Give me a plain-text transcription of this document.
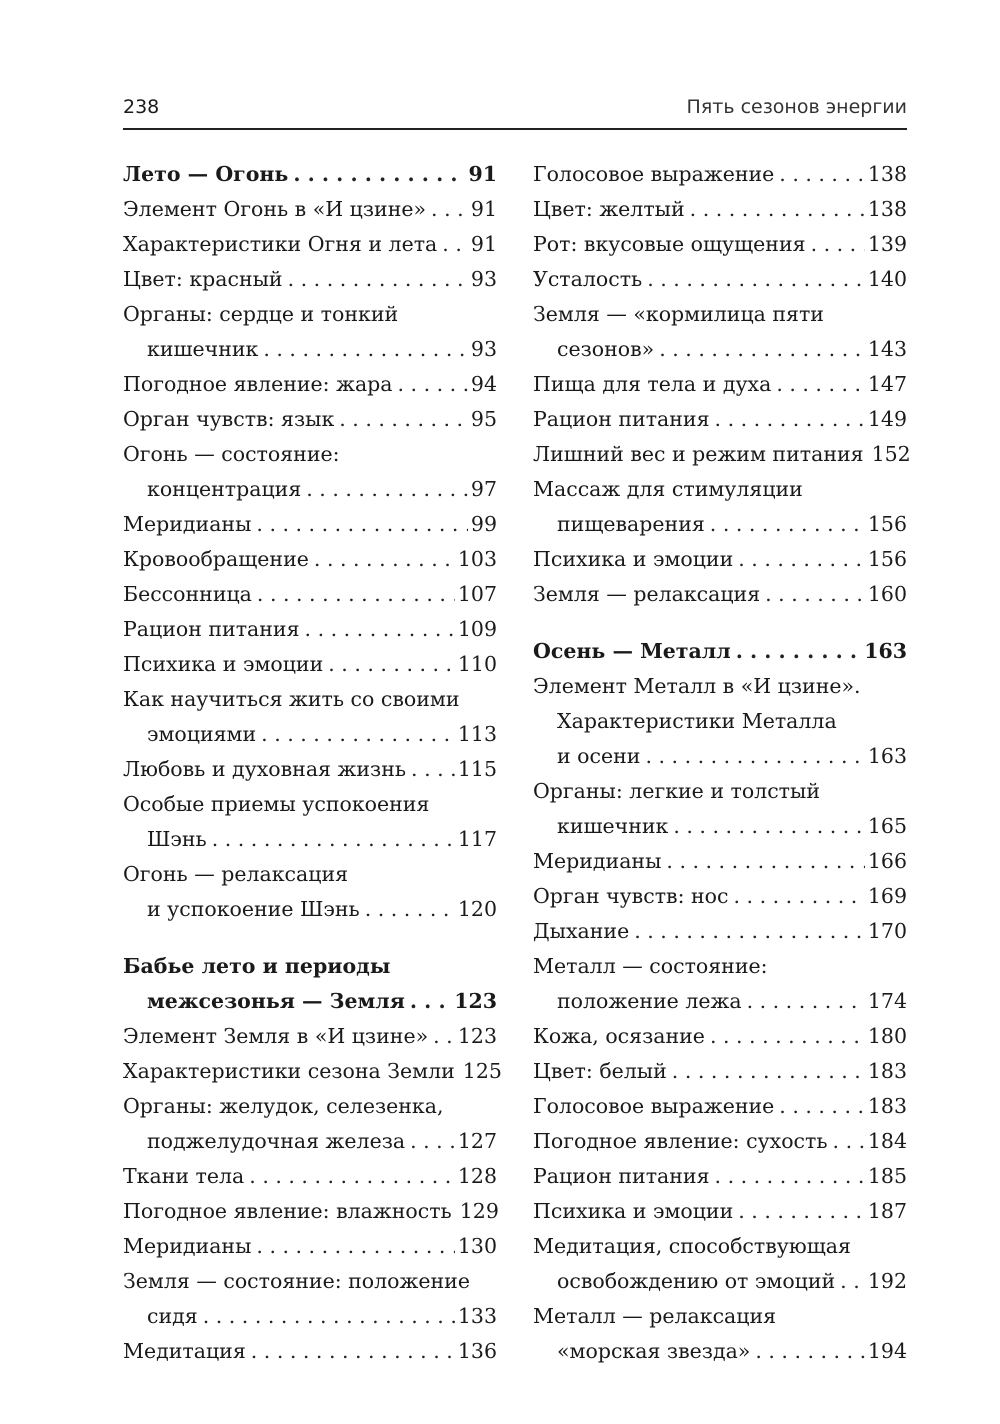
238	Пять сезонов энергии
Лето — Огонь . . .	91
Элемент Огонь в «И цзине» . . . 91
Характеристики Огня и лета . . . 91
Цвет: красный . . .	93
Органы: сердце и тонкий
кишечник . . .	93
Погодное явление: жара . . .	94
Орган чувств: язык . . .	95
Огонь — состояние:
концентрация . . .	97
Меридианы . . .	99
Кровообращение . . .	103
Бессонница . . .	107
Рацион питания . . .	109
Психика и эмоции . . .	110
Как научиться жить со своими
эмоциями . . .	113
Любовь и духовная жизнь . . .	115
Особые приемы успокоения
Шэнь . . .	117
Огонь — релаксация
и успокоение Шэнь . . .	120
Бабье лето и периоды
межсезонья — Земля . . . 123
Элемент Земля в «И цзине» . . . 123
Характеристики сезона Земли 125
Органы: желудок, селезенка,
поджелудочная железа . . .	127
Ткани тела . . .	128
Погодное явление: влажность 129
Меридианы . . .	130
Земля — состояние: положение
сидя . . .	133
Медитация . . .	136
Голосовое выражение . . .	138
Цвет: желтый . . .	138
Рот: вкусовые ощущения . . .	139
Усталость . . .	140
Земля — «кормилица пяти
сезонов» . . .	143
Пища для тела и духа . . .	147
Рацион питания . . .	149
Лишний вес и режим питания 152
Массаж для стимуляции
пищеварения . . .	156
Психика и эмоции . . .	156
Земля — релаксация . . .	160
Осень — Металл . . .	163
Элемент Металл в «И цзине».
Характеристики Металла
и осени . . .	163
Органы: легкие и толстый
кишечник . . .	165
Меридианы . . .	166
Орган чувств: нос . . .	169
Дыхание . . .	170
Металл — состояние:
положение лежа . . .	174
Кожа, осязание . . .	180
Цвет: белый . . .	183
Голосовое выражение . . .	183
Погодное явление: сухость . . . 184
Рацион питания . . .	185
Психика и эмоции . . .	187
Медитация, способствующая
освобождению от эмоций . . . 192
Металл — релаксация
«морская звезда» . . .	194
